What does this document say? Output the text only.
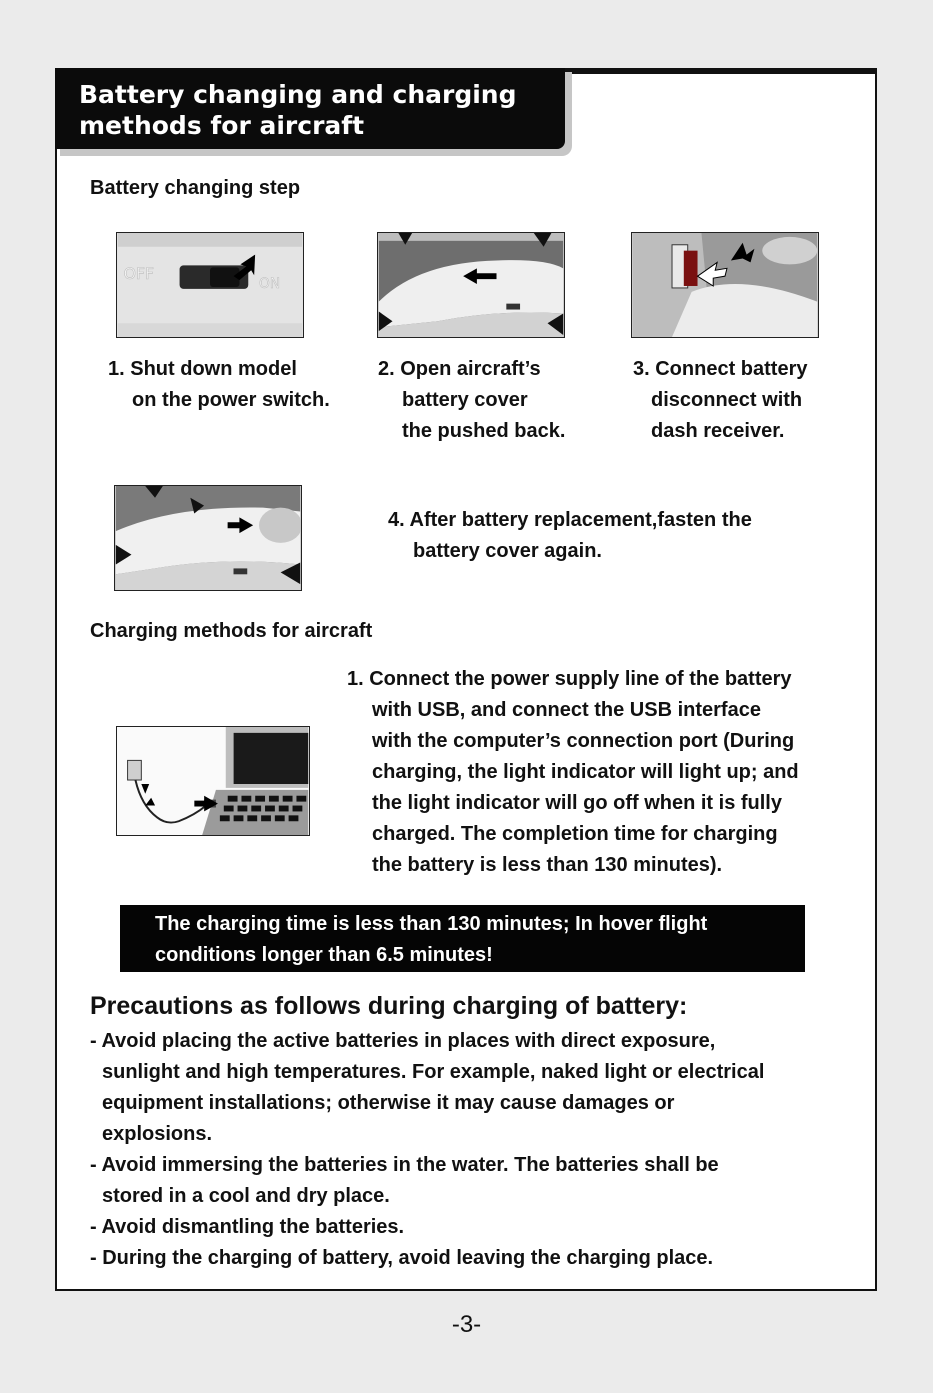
Battery changing and charging
methods for aircraft
Battery changing step
OFF
ON
1. Shut down model
on the power switch.
2. Open aircraft’s
battery cover
the pushed back.
3. Connect battery
disconnect with
dash receiver.
4. After battery replacement,fasten the
battery cover again.
Charging methods for aircraft
1. Connect the power supply line of the battery
with USB, and connect the USB interface
with the computer’s connection port (During
charging, the light indicator will light up; and
the light indicator will go off when it is fully
charged. The completion time for charging
the battery is less than 130 minutes).
The charging time is less than 130 minutes; In hover flight
conditions longer than 6.5 minutes!
Precautions as follows during charging of battery:
- Avoid placing the active batteries in places with direct exposure,
sunlight and high temperatures. For example, naked light or electrical
equipment installations; otherwise it may cause damages or
explosions.
- Avoid immersing the batteries in the water. The batteries shall be
stored in a cool and dry place.
- Avoid dismantling the batteries.
- During the charging of battery, avoid leaving the charging place.
-3-
